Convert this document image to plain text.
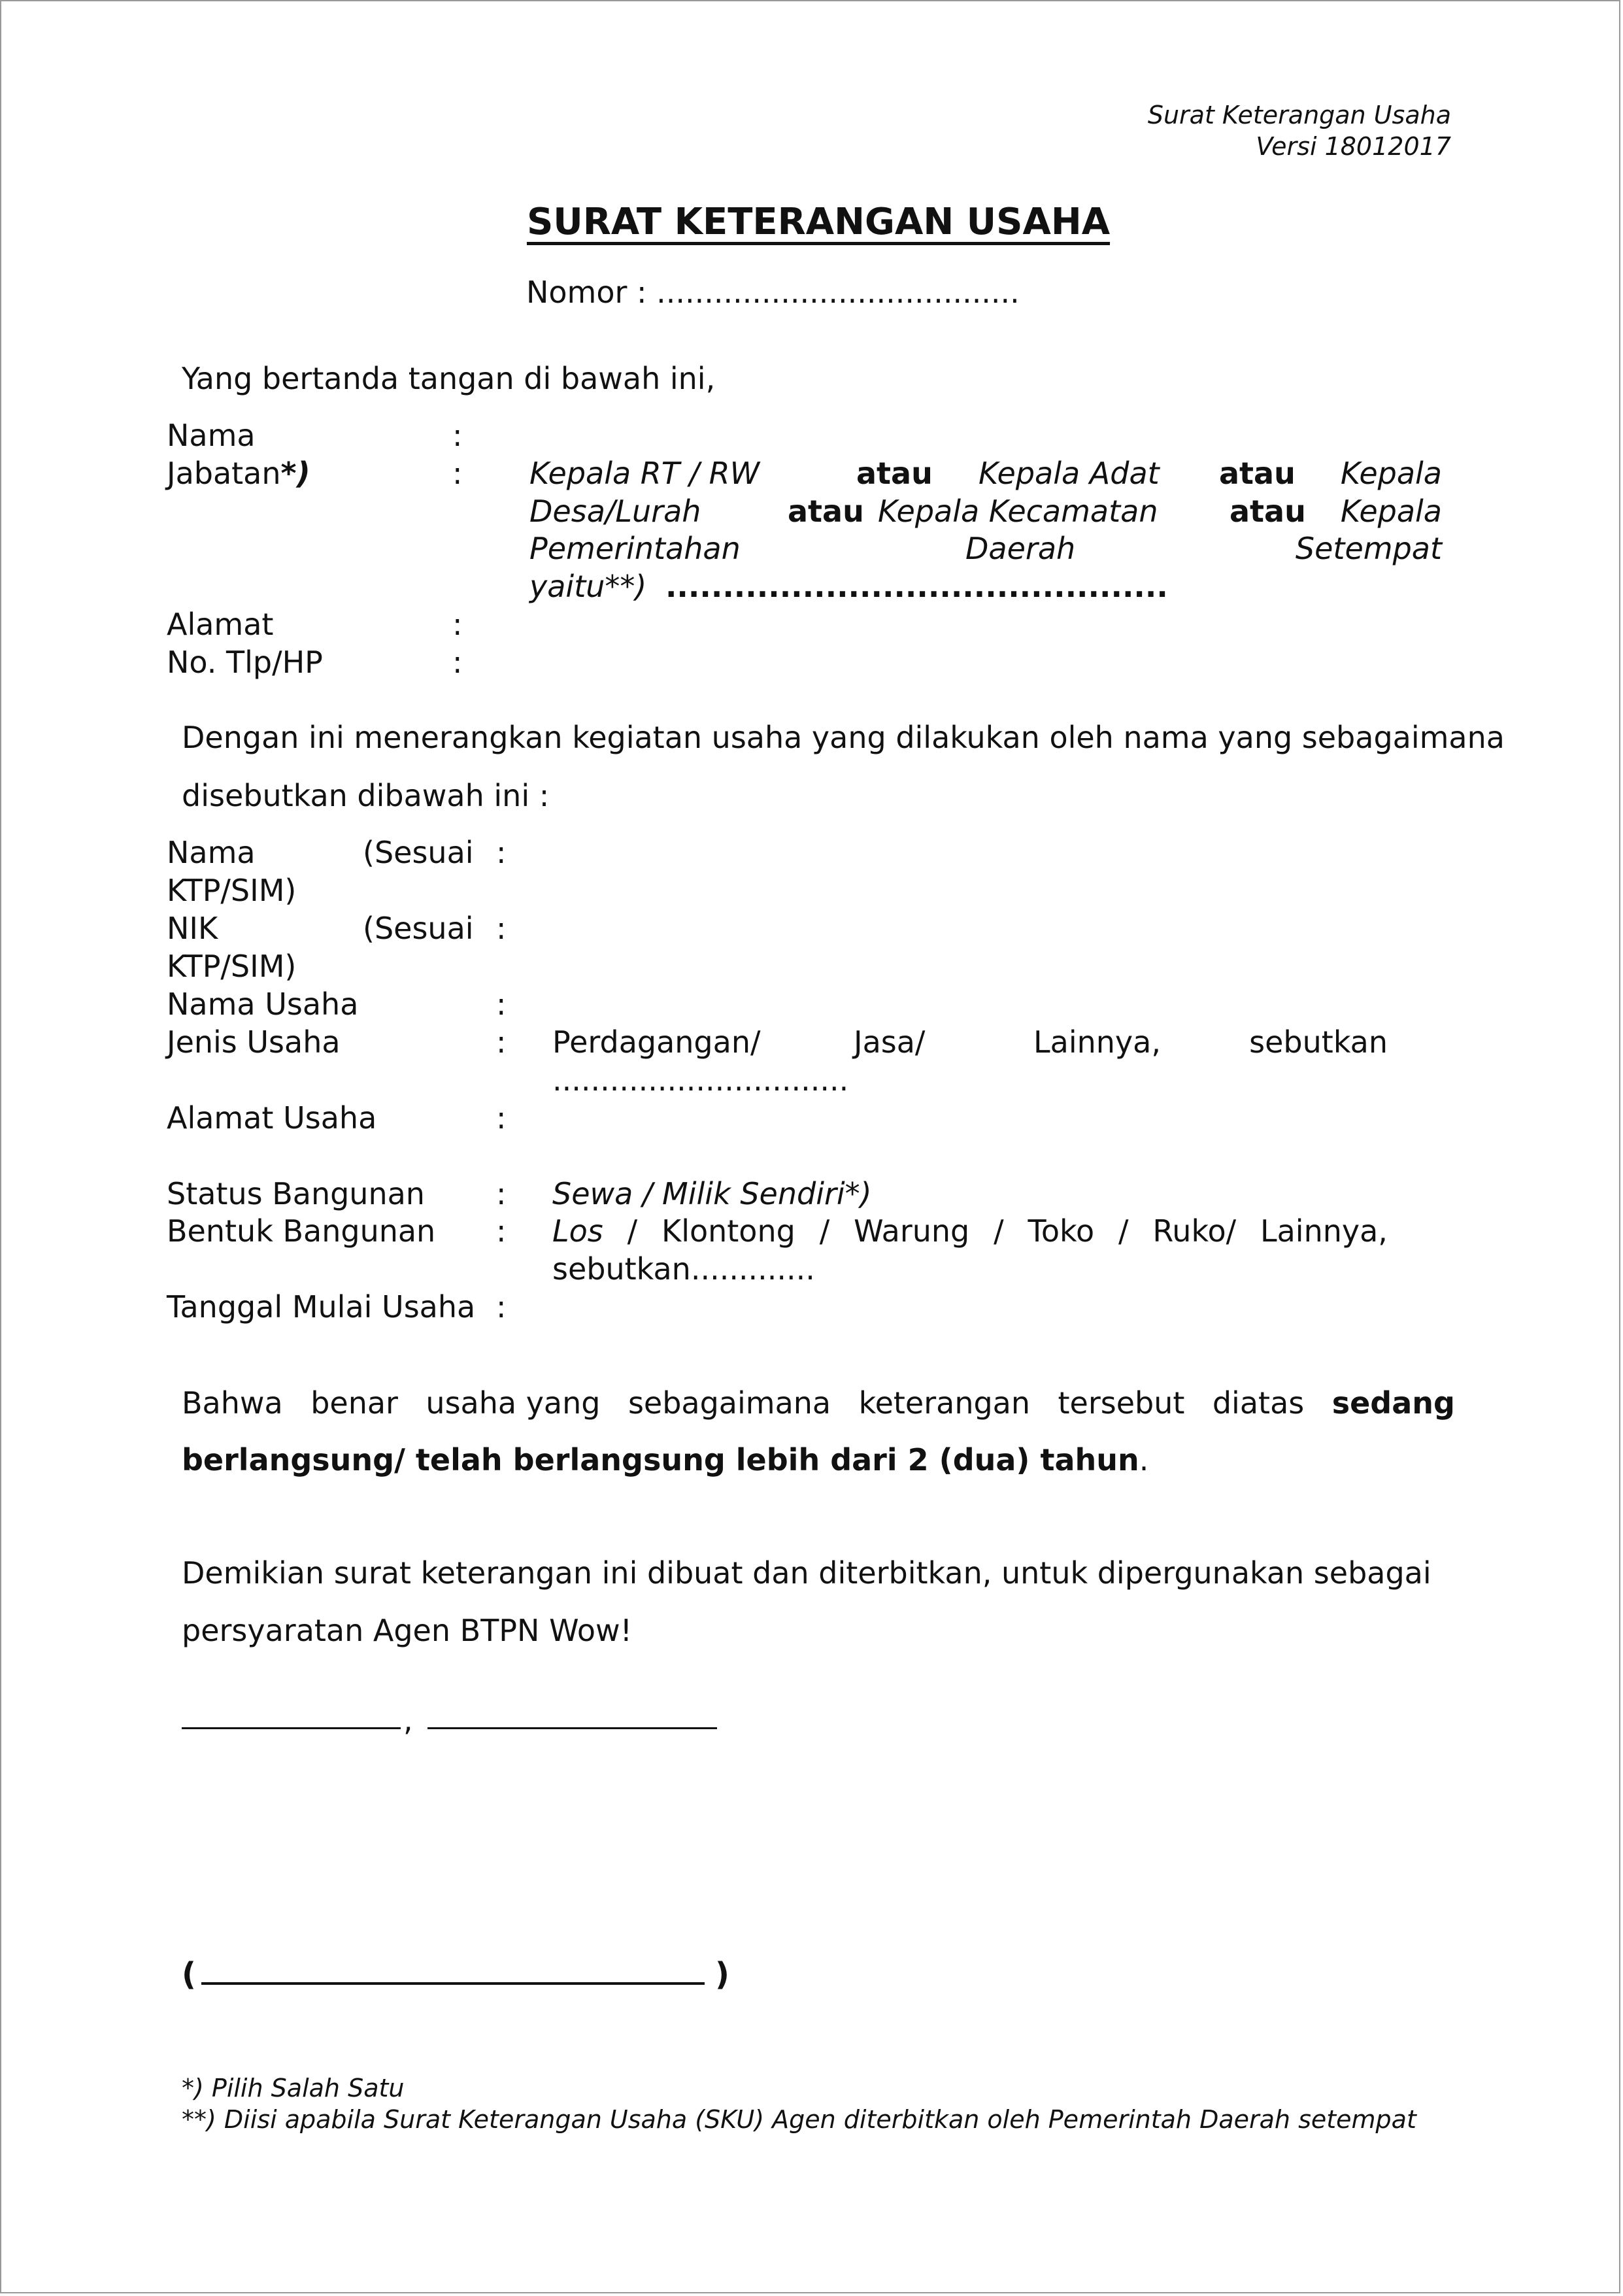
Surat Keterangan Usaha
Versi 18012017
SURAT KETERANGAN USAHA
Nomor : ......................................
Yang bertanda tangan di bawah ini,
Nama	:
Jabatan*)	: Kepala RT / RW	atau Kepala Adat atau Kepala
Desa/Lurah	atau Kepala Kecamatan atau Kepala
Pemerintahan	Daerah	Setempat
yaitu**) ............................................
Alamat	:
No. Tlp/HP	:
Dengan ini menerangkan kegiatan usaha yang dilakukan oleh nama yang sebagaimana
disebutkan dibawah ini :
Nama	(Sesuai :
KTP/SIM)
NIK	(Sesuai :
KTP/SIM)
Nama Usaha	:
Jenis Usaha	: Perdagangan/	Jasa/	Lainnya,	sebutkan
...............................
Alamat Usaha	:
Status Bangunan : Sewa / Milik Sendiri*)
Bentuk Bangunan : Los / Klontong / Warung / Toko / Ruko/ Lainnya,
sebutkan.............
Tanggal Mulai Usaha :
Bahwa benar usaha yang sebagaimana keterangan tersebut diatas sedang
berlangsung/ telah berlangsung lebih dari 2 (dua) tahun.
Demikian surat keterangan ini dibuat dan diterbitkan, untuk dipergunakan sebagai
persyaratan Agen BTPN Wow!
,
(	)
*) Pilih Salah Satu
**) Diisi apabila Surat Keterangan Usaha (SKU) Agen diterbitkan oleh Pemerintah Daerah setempat
